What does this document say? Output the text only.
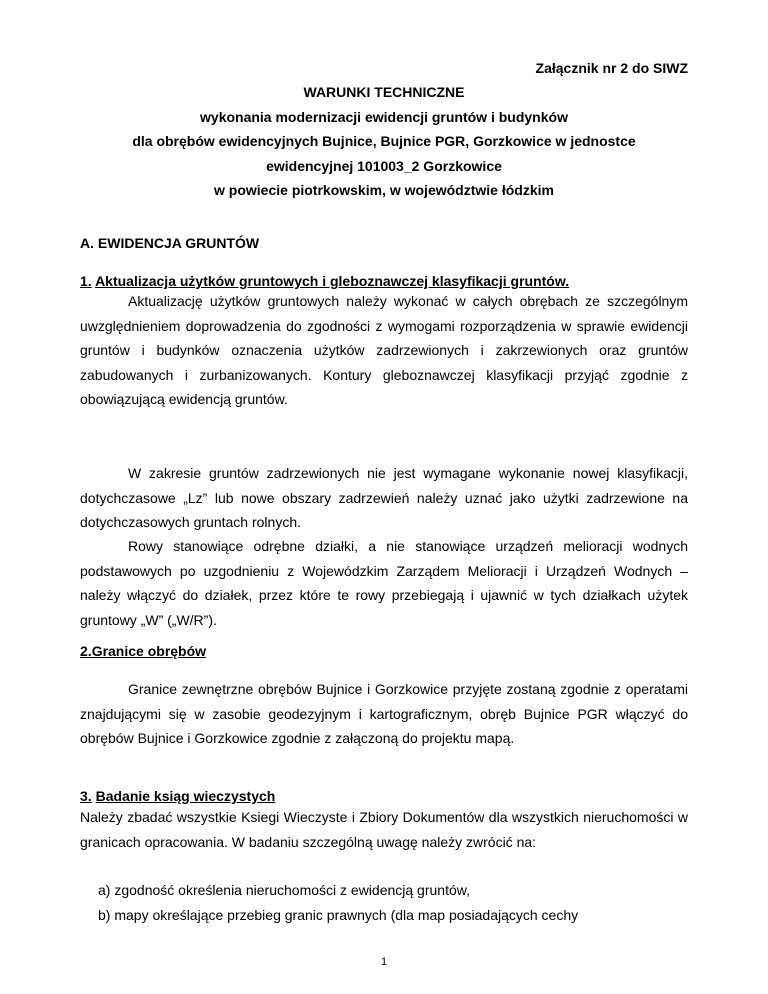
Załącznik nr 2 do SIWZ
WARUNKI TECHNICZNE
wykonania modernizacji ewidencji gruntów i budynków
dla obrębów ewidencyjnych Bujnice, Bujnice PGR, Gorzkowice w jednostce
ewidencyjnej 101003_2 Gorzkowice
w powiecie piotrkowskim, w województwie łódzkim
A. EWIDENCJA GRUNTÓW
1. Aktualizacja użytków gruntowych i gleboznawczej klasyfikacji gruntów.
Aktualizację użytków gruntowych należy wykonać w całych obrębach ze szczególnym uwzględnieniem doprowadzenia do zgodności z wymogami rozporządzenia w sprawie ewidencji gruntów i budynków oznaczenia użytków zadrzewionych i zakrzewionych oraz gruntów zabudowanych i zurbanizowanych. Kontury gleboznawczej klasyfikacji przyjąć zgodnie z obowiązującą ewidencją gruntów.
W zakresie gruntów zadrzewionych nie jest wymagane wykonanie nowej klasyfikacji, dotychczasowe „Lz” lub nowe obszary zadrzewień należy uznać jako użytki zadrzewione na dotychczasowych gruntach rolnych.
Rowy stanowiące odrębne działki, a nie stanowiące urządzeń melioracji wodnych podstawowych po uzgodnieniu z Wojewódzkim Zarządem Melioracji i Urządzeń Wodnych – należy włączyć do działek, przez które te rowy przebiegają i ujawnić w tych działkach użytek gruntowy „W” („W/R”).
2.Granice obrębów
Granice zewnętrzne obrębów Bujnice i Gorzkowice przyjęte zostaną zgodnie z operatami znajdującymi się w zasobie geodezyjnym i kartograficznym, obręb Bujnice PGR włączyć do obrębów Bujnice i Gorzkowice zgodnie z załączoną do projektu mapą.
3. Badanie ksiąg wieczystych
Należy zbadać wszystkie Ksiegi Wieczyste i Zbiory Dokumentów dla wszystkich nieruchomości w granicach opracowania. W badaniu szczególną uwagę należy zwrócić na:
a) zgodność określenia nieruchomości z ewidencją gruntów,
b) mapy określające przebieg granic prawnych (dla map posiadających cechy
1
